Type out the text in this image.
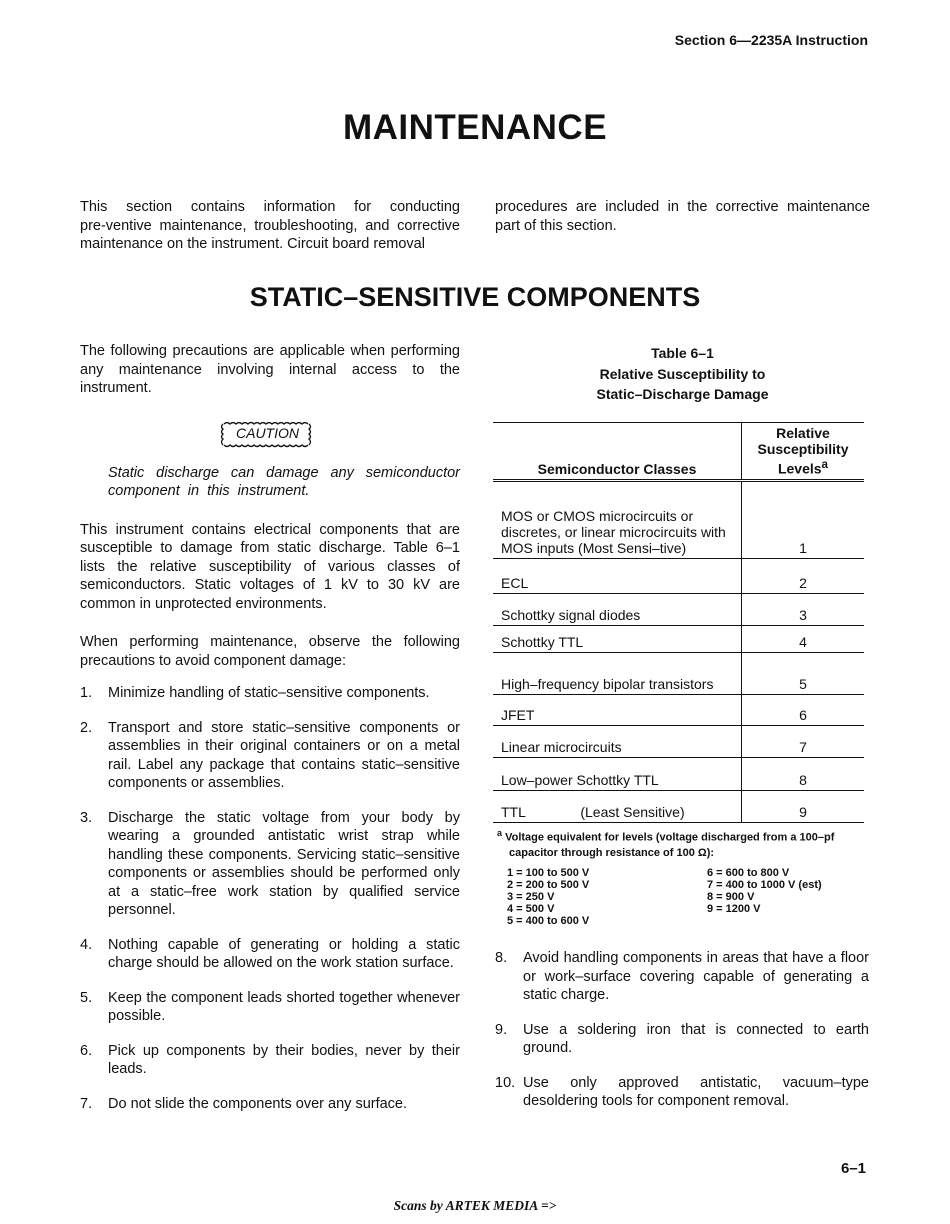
Section 6—2235A Instruction
MAINTENANCE
This section contains information for conducting pre‑ventive maintenance, troubleshooting, and corrective maintenance on the instrument. Circuit board removal
procedures are included in the corrective maintenance part of this section.
STATIC–SENSITIVE COMPONENTS

The following precautions are applicable when performing any maintenance involving internal access to the instrument.

CAUTION

Static discharge can damage any semiconductor component in this instrument.

This instrument contains electrical components that are susceptible to damage from static discharge. Table 6–1 lists the relative susceptibility of various classes of semiconductors. Static voltages of 1 kV to 30 kV are common in unprotected environments.

When performing maintenance, observe the following precautions to avoid component damage:

1. Minimize handling of static–sensitive components.
2. Transport and store static–sensitive components or assemblies in their original containers or on a metal rail. Label any package that contains static–sensitive components or assemblies.
3. Discharge the static voltage from your body by wearing a grounded antistatic wrist strap while handling these components. Servicing static–sensitive components or assemblies should be performed only at a static–free work station by qualified service personnel.
4. Nothing capable of generating or holding a static charge should be allowed on the work station surface.
5. Keep the component leads shorted together whenever possible.
6. Pick up components by their bodies, never by their leads.
7. Do not slide the components over any surface.
Table 6–1
Relative Susceptibility to
Static–Discharge Damage
Semiconductor Classes	Relative
Susceptibility
Levels$^a$

MOS or CMOS microcircuits or discretes, or linear microcircuits with MOS inputs (Most Sensi–tive)	1
ECL	2
Schottky signal diodes	3
Schottky TTL	4
High–frequency bipolar transistors	5
JFET	6
Linear microcircuits	7
Low–power Schottky TTL	8
TTL              (Least Sensitive)	9
$^a$ Voltage equivalent for levels (voltage discharged from a 100–pf capacitor through resistance of 100 Ω):
1 = 100 to 500 V
2 = 200 to 500 V
3 = 250 V
4 = 500 V
5 = 400 to 600 V
6 = 600 to 800 V
7 = 400 to 1000 V (est)
8 = 900 V
9 = 1200 V
8. Avoid handling components in areas that have a floor or work–surface covering capable of generating a static charge.
9. Use a soldering iron that is connected to earth ground.
10. Use only approved antistatic, vacuum–type desoldering tools for component removal.
6–1
Scans by ARTEK MEDIA =>
